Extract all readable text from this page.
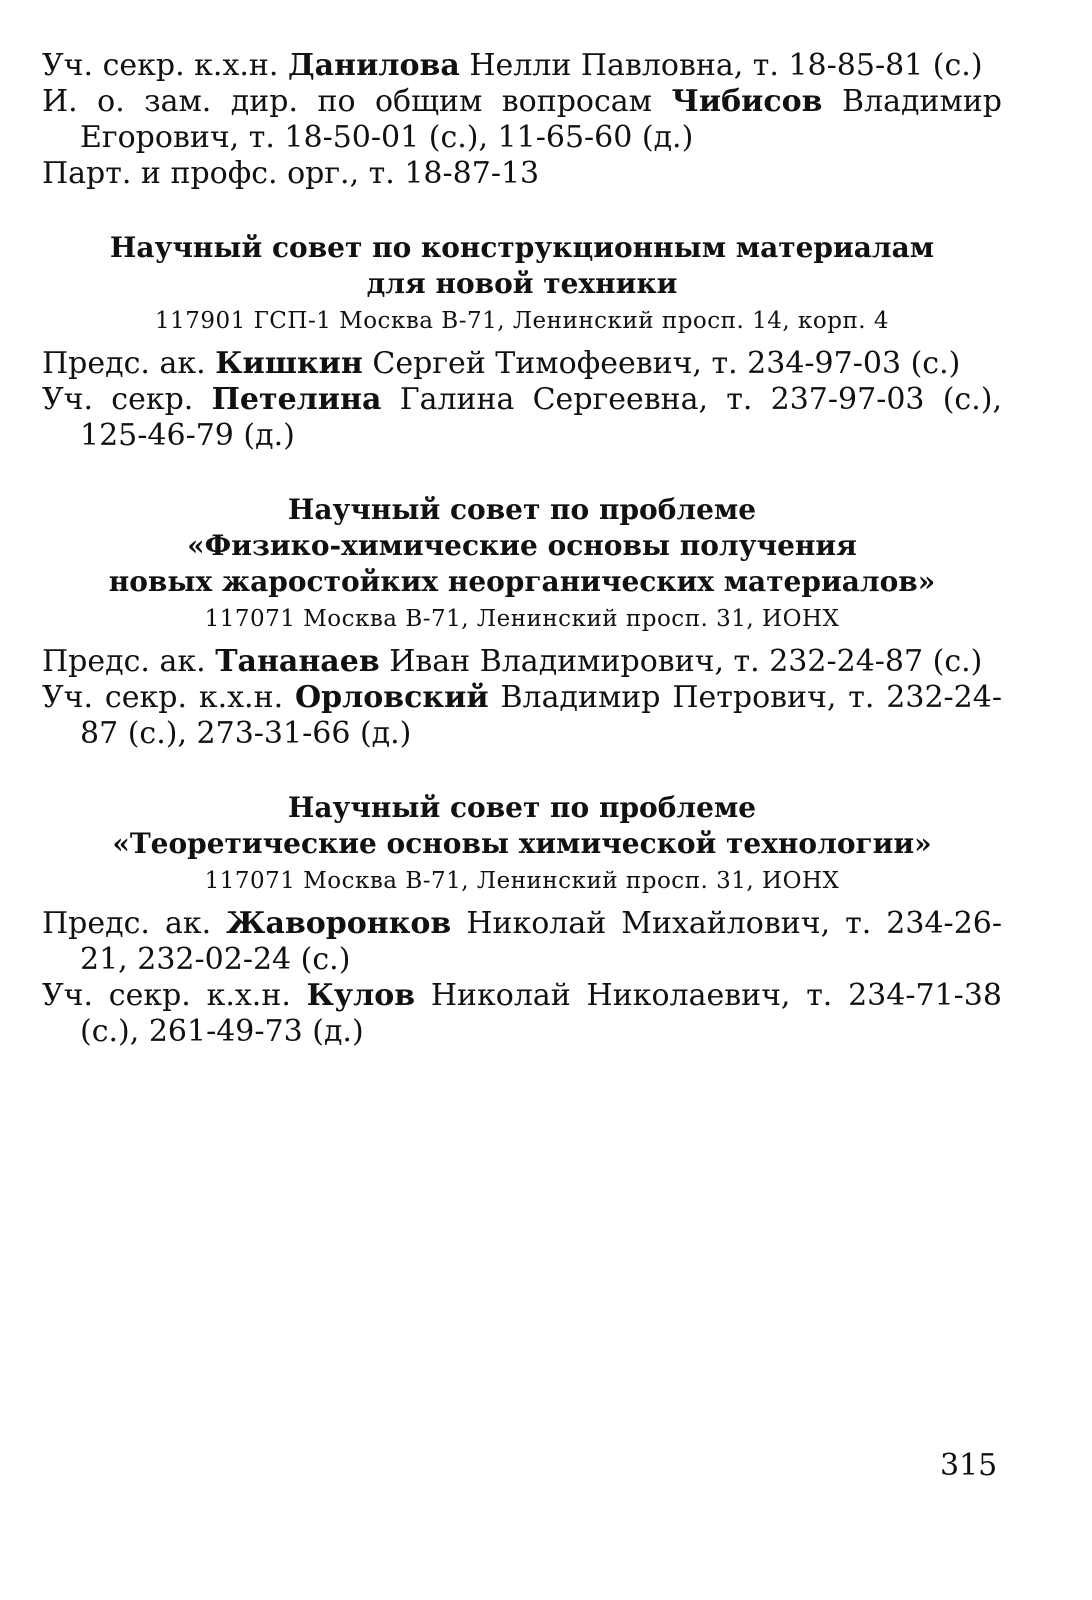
Уч. секр. к.х.н. Данилова Нелли Павловна, т. 18-85-81 (с.)

И. о. зам. дир. по общим вопросам Чибисов Владимир Егорович, т. 18-50-01 (с.), 11-65-60 (д.)

Парт. и профс. орг., т. 18-87-13

Научный совет по конструкционным материалам
для новой техники

117901 ГСП-1 Москва В-71, Ленинский просп. 14, корп. 4

Предс. ак. Кишкин Сергей Тимофеевич, т. 234-97-03 (с.)

Уч. секр. Петелина Галина Сергеевна, т. 237-97-03 (с.), 125-46-79 (д.)

Научный совет по проблеме
«Физико-химические основы получения
новых жаростойких неорганических материалов»

117071 Москва В-71, Ленинский просп. 31, ИОНХ

Предс. ак. Тананаев Иван Владимирович, т. 232-24-87 (с.)

Уч. секр. к.х.н. Орловский Владимир Петрович, т. 232-24-87 (с.), 273-31-66 (д.)

Научный совет по проблеме
«Теоретические основы химической технологии»

117071 Москва В-71, Ленинский просп. 31, ИОНХ

Предс. ак. Жаворонков Николай Михайлович, т. 234-26-21, 232-02-24 (с.)

Уч. секр. к.х.н. Кулов Николай Николаевич, т. 234-71-38 (с.), 261-49-73 (д.)

315
